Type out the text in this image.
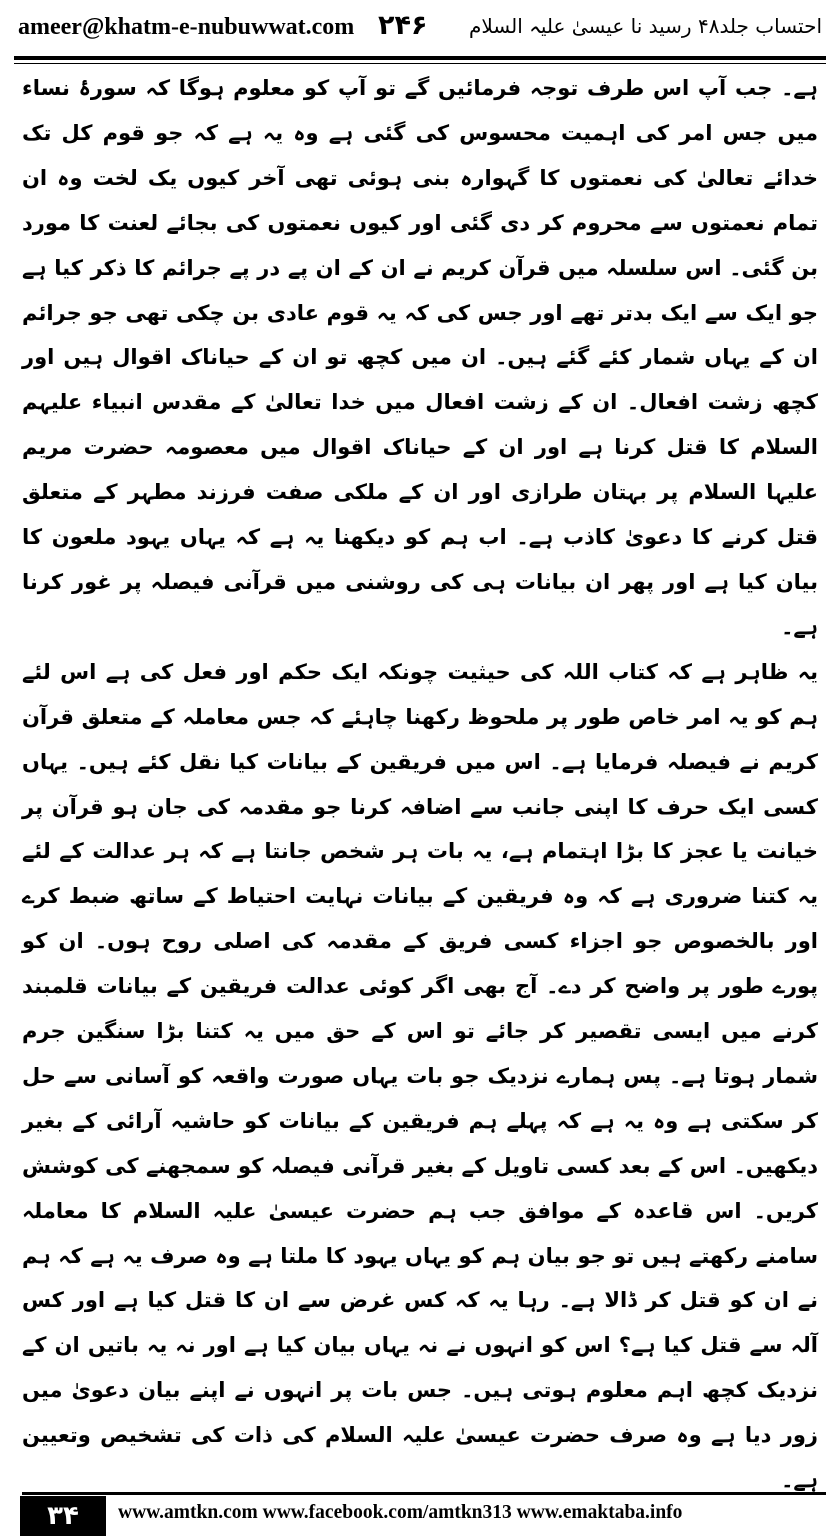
ameer@khatm-e-nubuwwat.com ۲۴۶ احتساب جلد۴۸ رسید نا عیسیٰ علیہ السلام

ہے۔ جب آپ اس طرف توجہ فرمائیں گے تو آپ کو معلوم ہوگا کہ سورۂ نساء میں جس امر کی اہمیت محسوس کی گئی ہے وہ یہ ہے کہ جو قوم کل تک خدائے تعالیٰ کی نعمتوں کا گہوارہ بنی ہوئی تھی آخر کیوں یک لخت وہ ان تمام نعمتوں سے محروم کر دی گئی اور کیوں نعمتوں کی بجائے لعنت کا مورد بن گئی۔ اس سلسلہ میں قرآن کریم نے ان کے ان پے در پے جرائم کا ذکر کیا ہے جو ایک سے ایک بدتر تھے اور جس کی کہ یہ قوم عادی بن چکی تھی جو جرائم ان کے یہاں شمار کئے گئے ہیں۔ ان میں کچھ تو ان کے حیاناک اقوال ہیں اور کچھ زشت افعال۔ ان کے زشت افعال میں خدا تعالیٰ کے مقدس انبیاء علیہم السلام کا قتل کرنا ہے اور ان کے حیاناک اقوال میں معصومہ حضرت مریم علیہا السلام پر بہتان طرازی اور ان کے ملکی صفت فرزند مطہر کے متعلق قتل کرنے کا دعویٰ کاذب ہے۔ اب ہم کو دیکھنا یہ ہے کہ یہاں یہود ملعون کا بیان کیا ہے اور پھر ان بیانات ہی کی روشنی میں قرآنی فیصلہ پر غور کرنا ہے۔

یہ ظاہر ہے کہ کتاب اللہ کی حیثیت چونکہ ایک حکم اور فعل کی ہے اس لئے ہم کو یہ امر خاص طور پر ملحوظ رکھنا چاہئے کہ جس معاملہ کے متعلق قرآن کریم نے فیصلہ فرمایا ہے۔ اس میں فریقین کے بیانات کیا نقل کئے ہیں۔ یہاں کسی ایک حرف کا اپنی جانب سے اضافہ کرنا جو مقدمہ کی جان ہو قرآن پر خیانت یا عجز کا بڑا اہتمام ہے، یہ بات ہر شخص جانتا ہے کہ ہر عدالت کے لئے یہ کتنا ضروری ہے کہ وہ فریقین کے بیانات نہایت احتیاط کے ساتھ ضبط کرے اور بالخصوص جو اجزاء کسی فریق کے مقدمہ کی اصلی روح ہوں۔ ان کو پورے طور پر واضح کر دے۔ آج بھی اگر کوئی عدالت فریقین کے بیانات قلمبند کرنے میں ایسی تقصیر کر جائے تو اس کے حق میں یہ کتنا بڑا سنگین جرم شمار ہوتا ہے۔ پس ہمارے نزدیک جو بات یہاں صورت واقعہ کو آسانی سے حل کر سکتی ہے وہ یہ ہے کہ پہلے ہم فریقین کے بیانات کو حاشیہ آرائی کے بغیر دیکھیں۔ اس کے بعد کسی تاویل کے بغیر قرآنی فیصلہ کو سمجھنے کی کوشش کریں۔ اس قاعدہ کے موافق جب ہم حضرت عیسیٰ علیہ السلام کا معاملہ سامنے رکھتے ہیں تو جو بیان ہم کو یہاں یہود کا ملتا ہے وہ صرف یہ ہے کہ ہم نے ان کو قتل کر ڈالا ہے۔ رہا یہ کہ کس غرض سے ان کا قتل کیا ہے اور کس آلہ سے قتل کیا ہے؟ اس کو انہوں نے نہ یہاں بیان کیا ہے اور نہ یہ باتیں ان کے نزدیک کچھ اہم معلوم ہوتی ہیں۔ جس بات پر انہوں نے اپنے بیان دعویٰ میں زور دیا ہے وہ صرف حضرت عیسیٰ علیہ السلام کی ذات کی تشخیص وتعیین ہے۔

۳۴	www.amtkn.com www.facebook.com/amtkn313 www.emaktaba.info
